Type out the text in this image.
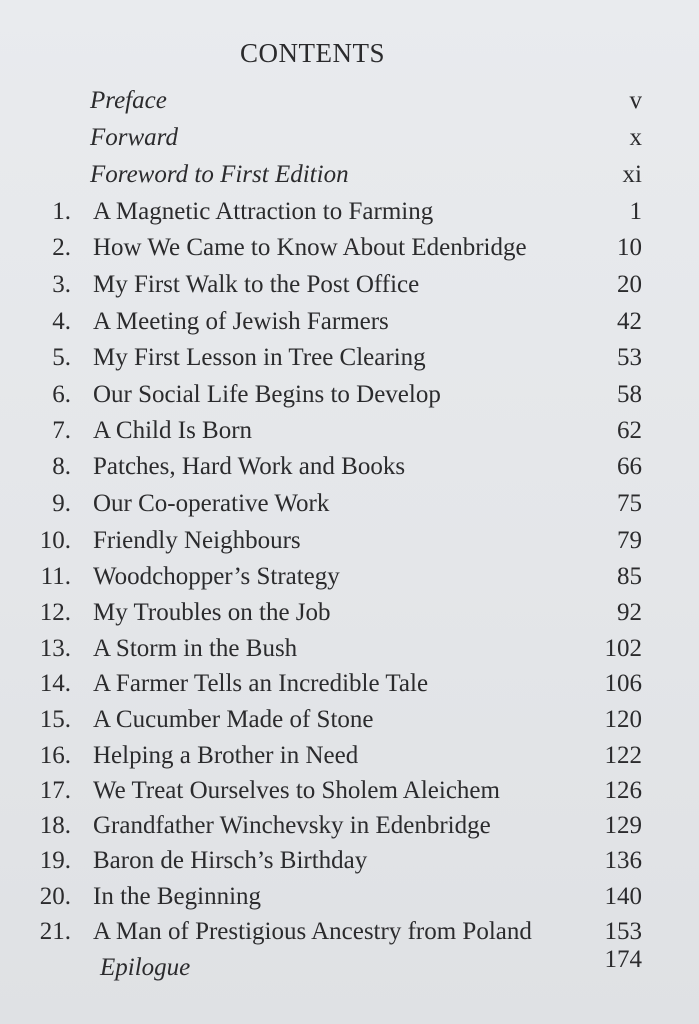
CONTENTS
Preface	v
Forward	x
Foreword to First Edition	xi
1. A Magnetic Attraction to Farming	1
2. How We Came to Know About Edenbridge	10
3. My First Walk to the Post Office	20
4. A Meeting of Jewish Farmers	42
5. My First Lesson in Tree Clearing	53
6. Our Social Life Begins to Develop	58
7. A Child Is Born	62
8. Patches, Hard Work and Books	66
9. Our Co-operative Work	75
10. Friendly Neighbours	79
11. Woodchopper’s Strategy	85
12. My Troubles on the Job	92
13. A Storm in the Bush	102
14. A Farmer Tells an Incredible Tale	106
15. A Cucumber Made of Stone	120
16. Helping a Brother in Need	122
17. We Treat Ourselves to Sholem Aleichem	126
18. Grandfather Winchevsky in Edenbridge	129
19. Baron de Hirsch’s Birthday	136
20. In the Beginning	140
21. A Man of Prestigious Ancestry from Poland	153
Epilogue	174
